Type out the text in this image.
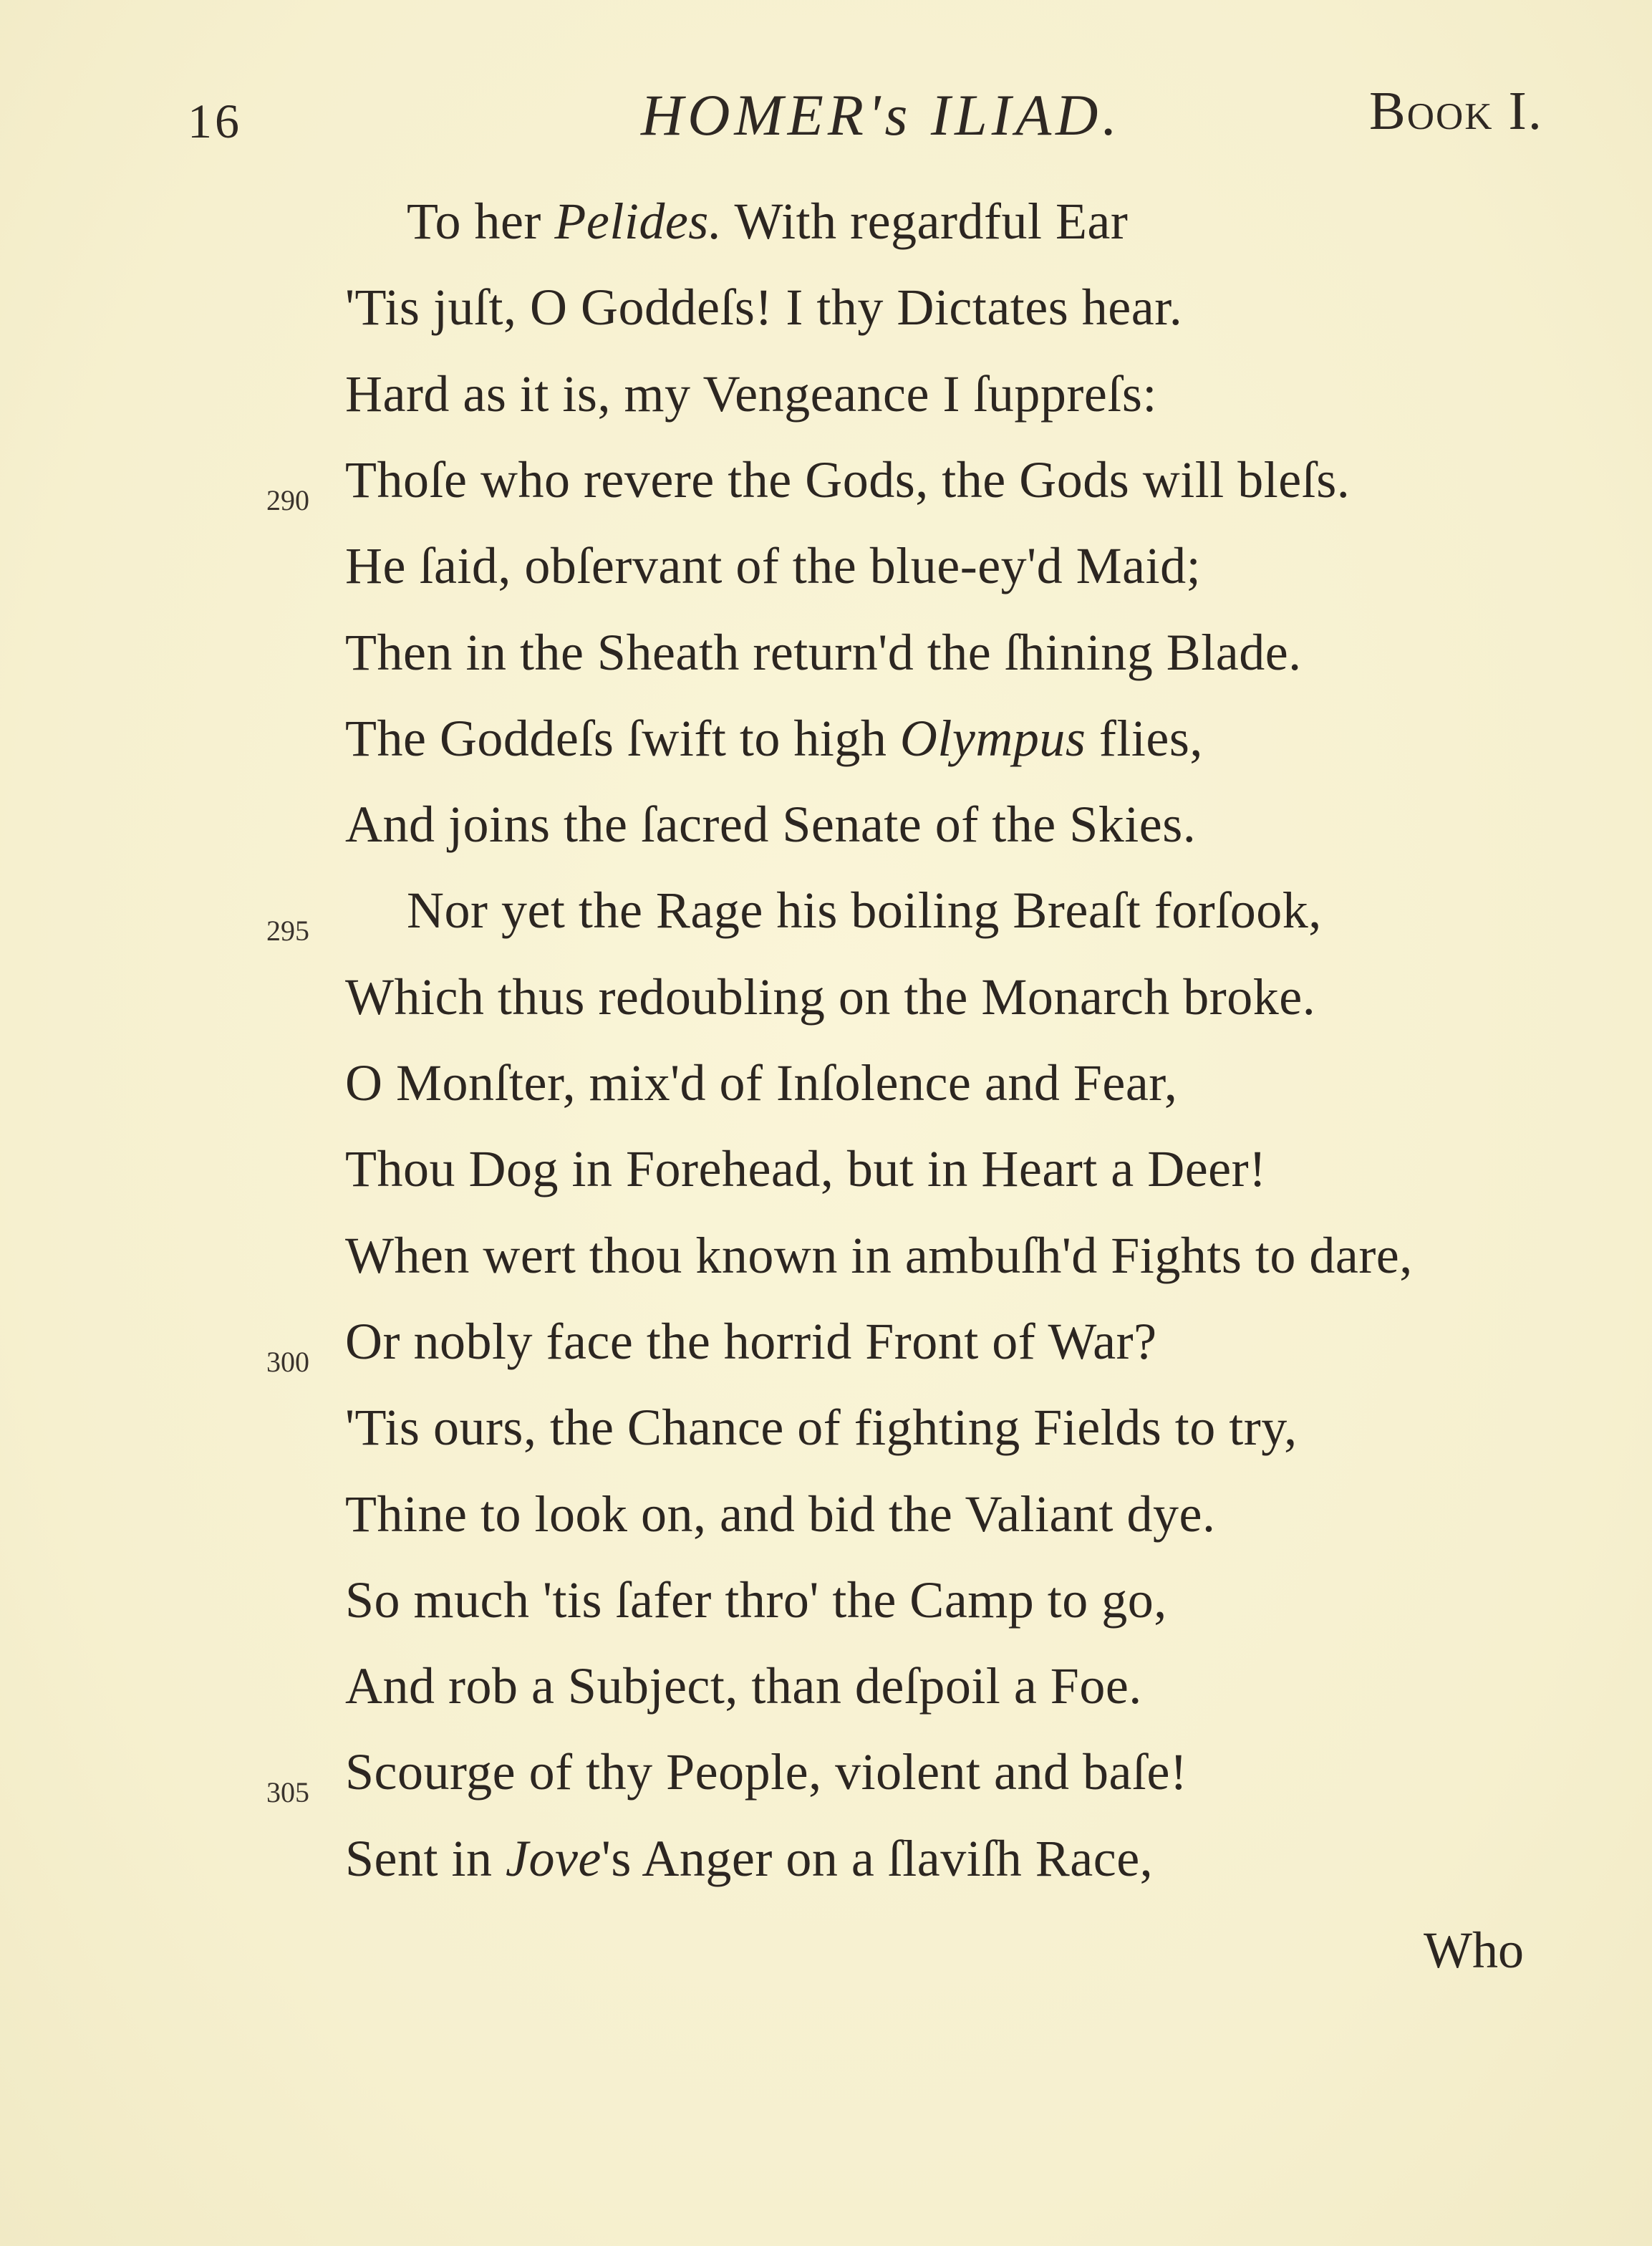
16	HOMER's ILIAD.	Book I.
To her Pelides. With regardful Ear
'Tis juſt, O Goddeſs! I thy Dictates hear.
Hard as it is, my Vengeance I ſuppreſs:
290 Thoſe who revere the Gods, the Gods will bleſs.
He ſaid, obſervant of the blue-ey'd Maid;
Then in the Sheath return'd the ſhining Blade.
The Goddeſs ſwift to high Olympus flies,
And joins the ſacred Senate of the Skies.
295 Nor yet the Rage his boiling Breaſt forſook,
Which thus redoubling on the Monarch broke.
O Monſter, mix'd of Inſolence and Fear,
Thou Dog in Forehead, but in Heart a Deer!
When wert thou known in ambuſh'd Fights to dare,
300 Or nobly face the horrid Front of War?
'Tis ours, the Chance of fighting Fields to try,
Thine to look on, and bid the Valiant dye.
So much 'tis ſafer thro' the Camp to go,
And rob a Subject, than deſpoil a Foe.
305 Scourge of thy People, violent and baſe!
Sent in Jove's Anger on a ſlaviſh Race,
Who
